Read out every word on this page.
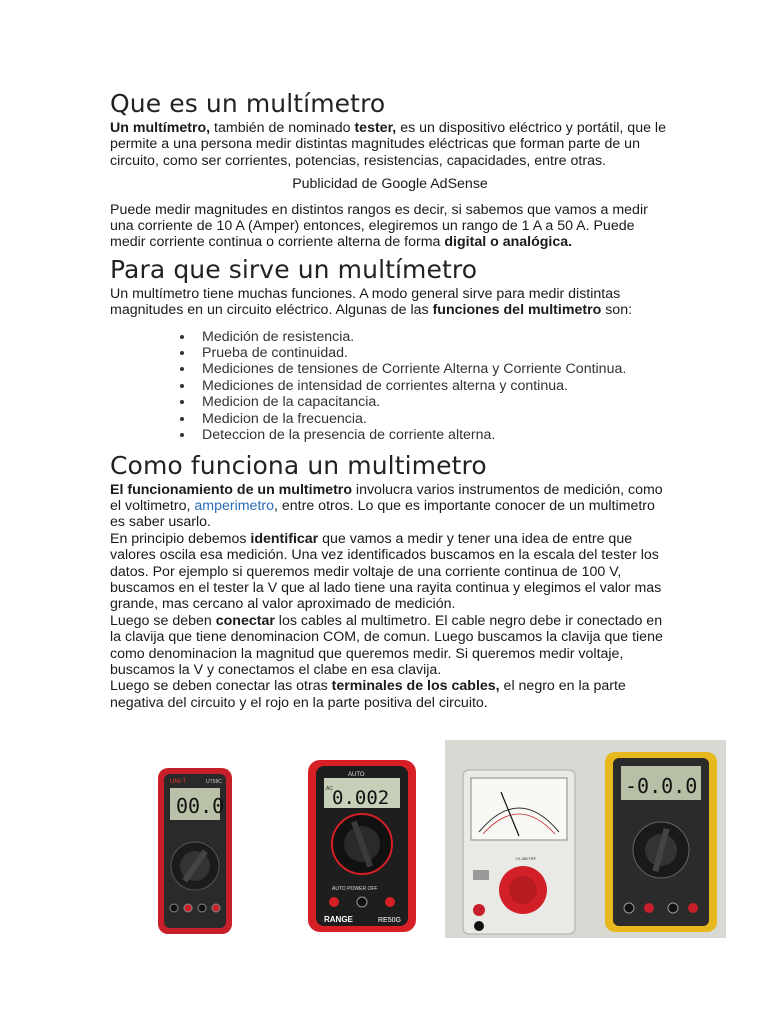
Que es un multímetro

Un multímetro, también de nominado tester, es un dispositivo eléctrico y portátil, que le permite a una persona medir distintas magnitudes eléctricas que forman parte de un circuito, como ser corrientes, potencias, resistencias, capacidades, entre otras.

Publicidad de Google AdSense

Puede medir magnitudes en distintos rangos es decir, si sabemos que vamos a medir una corriente de 10 A (Amper) entonces, elegiremos un rango de 1 A a 50 A. Puede medir corriente continua o corriente alterna de forma digital o analógica.

Para que sirve un multímetro

Un multímetro tiene muchas funciones. A modo general sirve para medir distintas magnitudes en un circuito eléctrico. Algunas de las funciones del multimetro son:

Medición de resistencia.
Prueba de continuidad.
Mediciones de tensiones de Corriente Alterna y Corriente Continua.
Mediciones de intensidad de corrientes alterna y continua.
Medicion de la capacitancia.
Medicion de la frecuencia.
Deteccion de la presencia de corriente alterna.
Como funciona un multimetro

El funcionamiento de un multimetro involucra varios instrumentos de medición, como el voltimetro, amperimetro, entre otros. Lo que es importante conocer de un multimetro es saber usarlo.

En principio debemos identificar que vamos a medir y tener una idea de entre que valores oscila esa medición. Una vez identificados buscamos en la escala del tester los datos. Por ejemplo si queremos medir voltaje de una corriente continua de 100 V, buscamos en el tester la V que al lado tiene una rayita continua y elegimos el valor mas grande, mas cercano al valor aproximado de medición.

Luego se deben conectar los cables al multimetro. El cable negro debe ir conectado en la clavija que tiene denominacion COM, de comun. Luego buscamos la clavija que tiene como denominacion la magnitud que queremos medir. Si queremos medir voltaje, buscamos la V y conectamos el clabe en esa clavija.

Luego se deben conectar las otras terminales de los cables, el negro en la parte negativa del circuito y el rojo en la parte positiva del circuito.

UNI-T	UT58C
00.0
AUTO
AC 0.002
AUTO POWER OFF
RANGE	RE50G
YX-360TRF
-0.0.0
